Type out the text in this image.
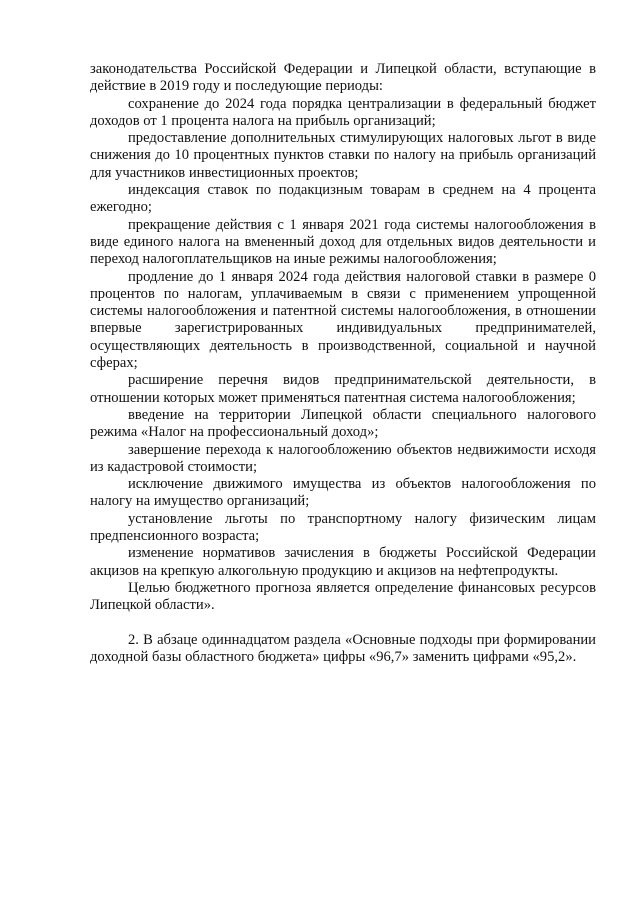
законодательства Российской Федерации и Липецкой области, вступающие в действие в 2019 году и последующие периоды:

сохранение до 2024 года порядка централизации в федеральный бюджет доходов от 1 процента налога на прибыль организаций;

предоставление дополнительных стимулирующих налоговых льгот в виде снижения до 10 процентных пунктов ставки по налогу на прибыль организаций для участников инвестиционных проектов;

индексация ставок по подакцизным товарам в среднем на 4 процента ежегодно;

прекращение действия с 1 января 2021 года системы налогообложения в виде единого налога на вмененный доход для отдельных видов деятельности и переход налогоплательщиков на иные режимы налогообложения;

продление до 1 января 2024 года действия налоговой ставки в размере 0 процентов по налогам, уплачиваемым в связи с применением упрощенной системы налогообложения и патентной системы налогообложения, в отношении впервые зарегистрированных индивидуальных предпринимателей, осуществляющих деятельность в производственной, социальной и научной сферах;

расширение перечня видов предпринимательской деятельности, в отношении которых может применяться патентная система налогообложения;

введение на территории Липецкой области специального налогового режима «Налог на профессиональный доход»;

завершение перехода к налогообложению объектов недвижимости исходя из кадастровой стоимости;

исключение движимого имущества из объектов налогообложения по налогу на имущество организаций;

установление льготы по транспортному налогу физическим лицам предпенсионного возраста;

изменение нормативов зачисления в бюджеты Российской Федерации акцизов на крепкую алкогольную продукцию и акцизов на нефтепродукты.

Целью бюджетного прогноза является определение финансовых ресурсов Липецкой области».

2. В абзаце одиннадцатом раздела «Основные подходы при формировании доходной базы областного бюджета» цифры «96,7» заменить цифрами «95,2».
